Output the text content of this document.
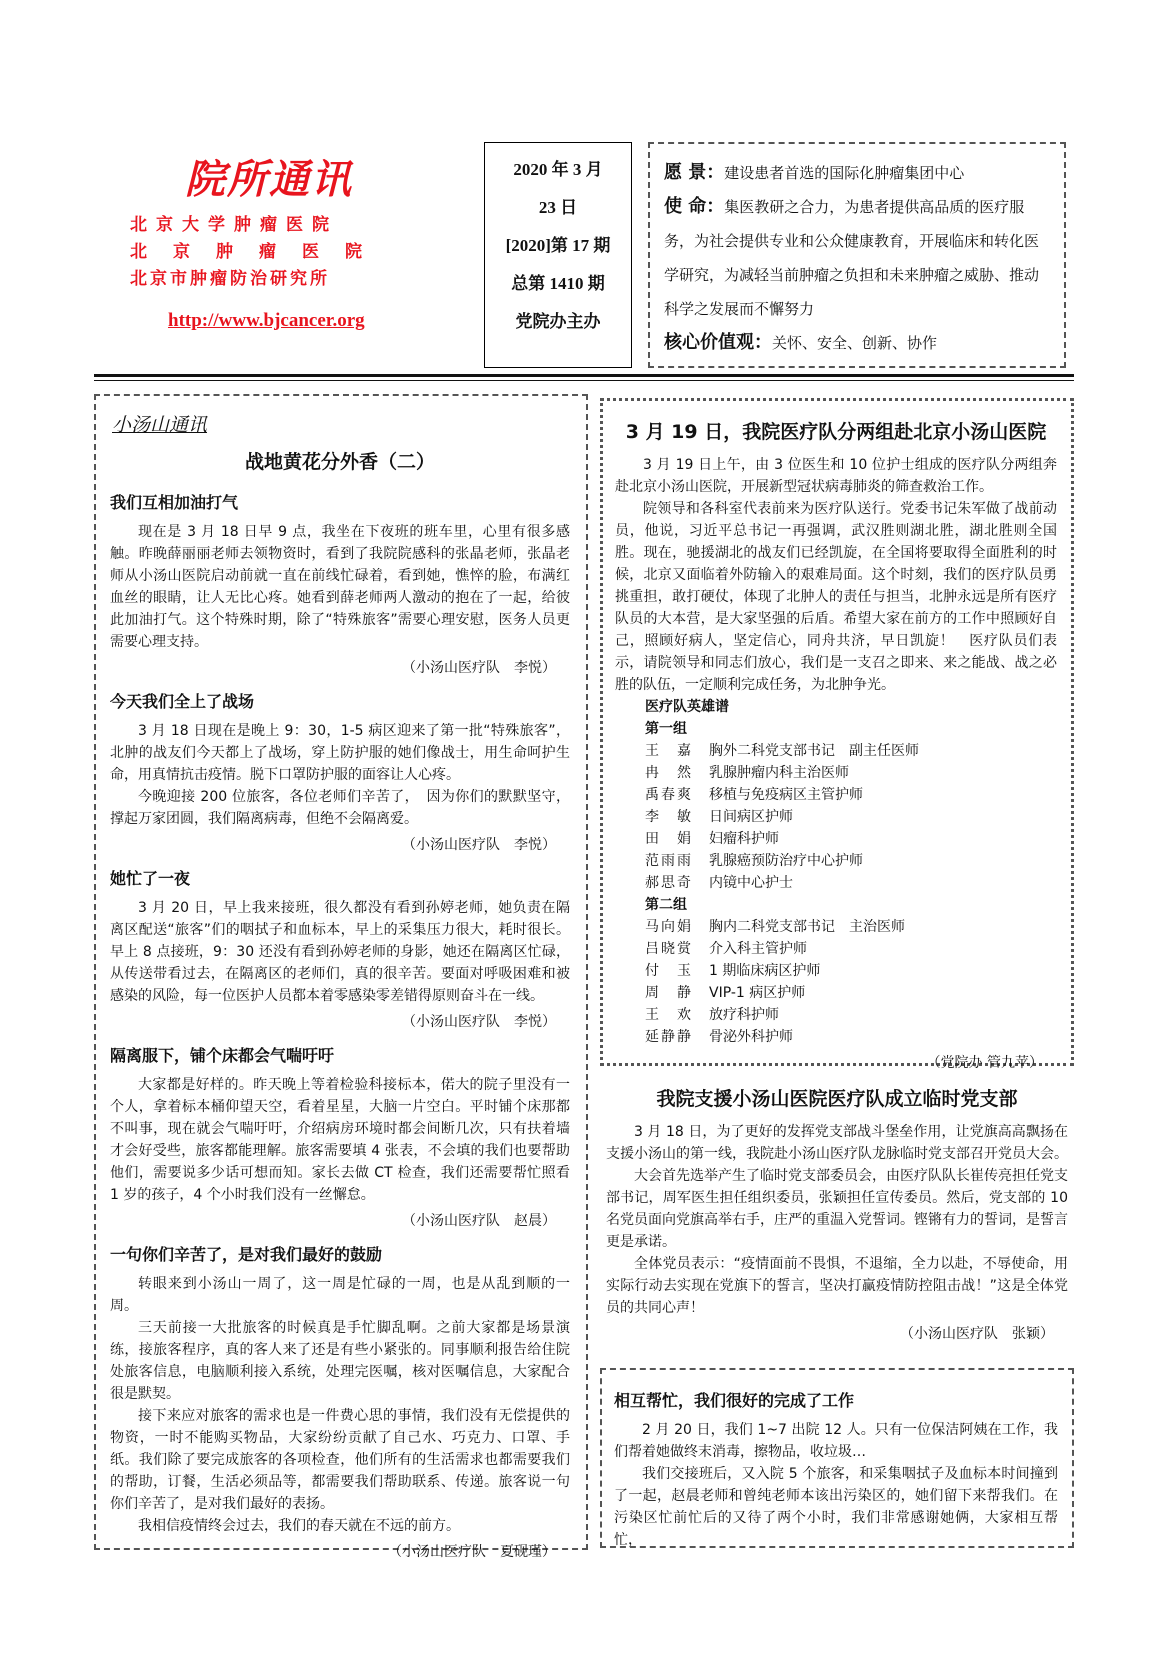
院所通讯
北京大学肿瘤医院
北京肿瘤医院
北京市肿瘤防治研究所
http://www.bjcancer.org
2020 年 3 月
23 日
[2020]第 17 期
总第 1410 期
党院办主办

愿 景：建设患者首选的国际化肿瘤集团中心

使 命：集医教研之合力，为患者提供高品质的医疗服务，为社会提供专业和公众健康教育，开展临床和转化医学研究，为减轻当前肿瘤之负担和未来肿瘤之威胁、推动科学之发展而不懈努力

核心价值观：关怀、安全、创新、协作

小汤山通讯
战地黄花分外香（二）
我们互相加油打气

现在是 3 月 18 日早 9 点，我坐在下夜班的班车里，心里有很多感触。昨晚薛丽丽老师去领物资时，看到了我院院感科的张晶老师，张晶老师从小汤山医院启动前就一直在前线忙碌着，看到她，憔悴的脸，布满红血丝的眼睛，让人无比心疼。她看到薛老师两人激动的抱在了一起，给彼此加油打气。这个特殊时期，除了“特殊旅客”需要心理安慰，医务人员更需要心理支持。

（小汤山医疗队　李悦）
今天我们全上了战场

3 月 18 日现在是晚上 9：30，1-5 病区迎来了第一批“特殊旅客”，北肿的战友们今天都上了战场，穿上防护服的她们像战士，用生命呵护生命，用真情抗击疫情。脱下口罩防护服的面容让人心疼。

今晚迎接 200 位旅客，各位老师们辛苦了，　因为你们的默默坚守，撑起万家团圆，我们隔离病毒，但绝不会隔离爱。

（小汤山医疗队　李悦）
她忙了一夜

3 月 20 日，早上我来接班，很久都没有看到孙婷老师，她负责在隔离区配送“旅客”们的咽拭子和血标本，早上的采集压力很大，耗时很长。早上 8 点接班，9：30 还没有看到孙婷老师的身影，她还在隔离区忙碌，从传送带看过去，在隔离区的老师们，真的很辛苦。要面对呼吸困难和被感染的风险，每一位医护人员都本着零感染零差错得原则奋斗在一线。

（小汤山医疗队　李悦）
隔离服下，铺个床都会气喘吁吁

大家都是好样的。昨天晚上等着检验科接标本，偌大的院子里没有一个人，拿着标本桶仰望天空，看着星星，大脑一片空白。平时铺个床那都不叫事，现在就会气喘吁吁，介绍病房环境时都会间断几次，只有扶着墙才会好受些，旅客都能理解。旅客需要填 4 张表，不会填的我们也要帮助他们，需要说多少话可想而知。家长去做 CT 检查，我们还需要帮忙照看 1 岁的孩子，4 个小时我们没有一丝懈怠。

（小汤山医疗队　赵晨）
一句你们辛苦了，是对我们最好的鼓励

转眼来到小汤山一周了，这一周是忙碌的一周，也是从乱到顺的一周。

三天前接一大批旅客的时候真是手忙脚乱啊。之前大家都是场景演练，接旅客程序，真的客人来了还是有些小紧张的。同事顺利报告给住院处旅客信息，电脑顺利接入系统，处理完医嘱，核对医嘱信息，大家配合很是默契。

接下来应对旅客的需求也是一件费心思的事情，我们没有无偿提供的物资，一时不能购买物品，大家纷纷贡献了自己水、巧克力、口罩、手纸。我们除了要完成旅客的各项检查，他们所有的生活需求也都需要我们的帮助，订餐，生活必须品等，都需要我们帮助联系、传递。旅客说一句你们辛苦了，是对我们最好的表扬。

我相信疫情终会过去，我们的春天就在不远的前方。

（小汤山医疗队　夏砚瑾）
3 月 19 日，我院医疗队分两组赴北京小汤山医院

3 月 19 日上午，由 3 位医生和 10 位护士组成的医疗队分两组奔赴北京小汤山医院，开展新型冠状病毒肺炎的筛查救治工作。

院领导和各科室代表前来为医疗队送行。党委书记朱军做了战前动员，他说，习近平总书记一再强调，武汉胜则湖北胜，湖北胜则全国胜。现在，驰援湖北的战友们已经凯旋，在全国将要取得全面胜利的时候，北京又面临着外防输入的艰难局面。这个时刻，我们的医疗队员勇挑重担，敢打硬仗，体现了北肿人的责任与担当，北肿永远是所有医疗队员的大本营，是大家坚强的后盾。希望大家在前方的工作中照顾好自己，照顾好病人，坚定信心，同舟共济，早日凯旋！　医疗队员们表示，请院领导和同志们放心，我们是一支召之即来、来之能战、战之必胜的队伍，一定顺利完成任务，为北肿争光。

医疗队英雄谱
第一组
王　嘉 胸外二科党支部书记　副主任医师
冉　然 乳腺肿瘤内科主治医师
禹春爽 移植与免疫病区主管护师
李　敏 日间病区护师
田　娟 妇瘤科护师
范雨雨 乳腺癌预防治疗中心护师
郝思奇 内镜中心护士
第二组
马向娟 胸内二科党支部书记　主治医师
吕晓赏 介入科主管护师
付　玉 1 期临床病区护师
周　静 VIP-1 病区护师
王　欢 放疗科护师
延静静 骨泌外科护师
（党院办 管九苹）
我院支援小汤山医院医疗队成立临时党支部

3 月 18 日，为了更好的发挥党支部战斗堡垒作用，让党旗高高飘扬在支援小汤山的第一线，我院赴小汤山医疗队龙脉临时党支部召开党员大会。

大会首先选举产生了临时党支部委员会，由医疗队队长崔传亮担任党支部书记，周军医生担任组织委员，张颖担任宣传委员。然后，党支部的 10 名党员面向党旗高举右手，庄严的重温入党誓词。铿锵有力的誓词，是誓言更是承诺。

全体党员表示：“疫情面前不畏惧，不退缩，全力以赴，不辱使命，用实际行动去实现在党旗下的誓言，坚决打赢疫情防控阻击战！”这是全体党员的共同心声！

（小汤山医疗队　张颖）
相互帮忙，我们很好的完成了工作

2 月 20 日，我们 1~7 出院 12 人。只有一位保洁阿姨在工作，我们帮着她做终末消毒，擦物品，收垃圾…

我们交接班后，又入院 5 个旅客，和采集咽拭子及血标本时间撞到了一起，赵晨老师和曾纯老师本该出污染区的，她们留下来帮我们。在污染区忙前忙后的又待了两个小时，我们非常感谢她俩，大家相互帮忙，
